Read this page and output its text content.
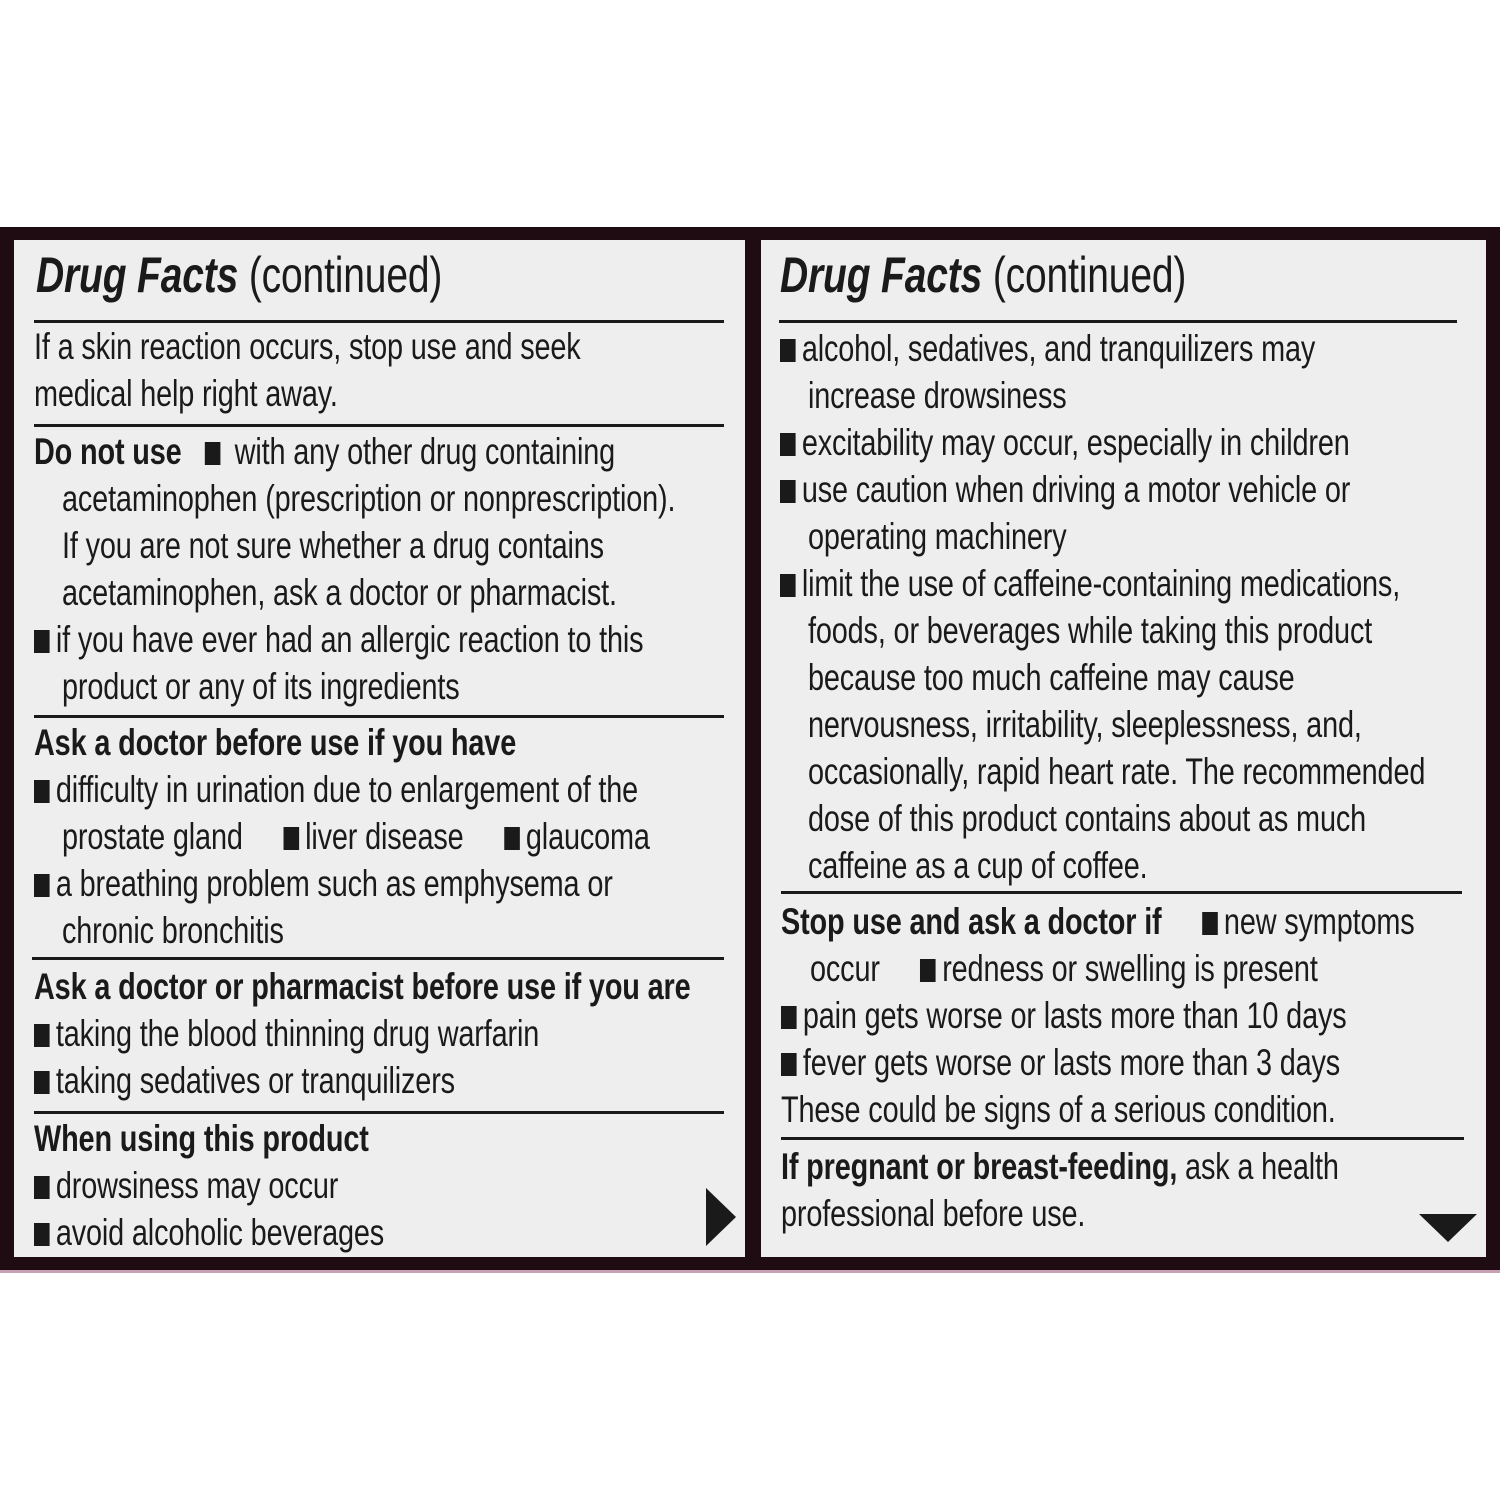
Drug Facts (continued)
If a skin reaction occurs, stop use and seek
medical help right away.
Do not use with any other drug containing
acetaminophen (prescription or nonprescription).
If you are not sure whether a drug contains
acetaminophen, ask a doctor or pharmacist.
if you have ever had an allergic reaction to this
product or any of its ingredients
Ask a doctor before use if you have
difficulty in urination due to enlargement of the
prostate gland liver disease glaucoma
a breathing problem such as emphysema or
chronic bronchitis
Ask a doctor or pharmacist before use if you are
taking the blood thinning drug warfarin
taking sedatives or tranquilizers
When using this product
drowsiness may occur
avoid alcoholic beverages
Drug Facts (continued)
alcohol, sedatives, and tranquilizers may
increase drowsiness
excitability may occur, especially in children
use caution when driving a motor vehicle or
operating machinery
limit the use of caffeine-containing medications,
foods, or beverages while taking this product
because too much caffeine may cause
nervousness, irritability, sleeplessness, and,
occasionally, rapid heart rate. The recommended
dose of this product contains about as much
caffeine as a cup of coffee.
Stop use and ask a doctor if new symptoms
occur redness or swelling is present
pain gets worse or lasts more than 10 days
fever gets worse or lasts more than 3 days
These could be signs of a serious condition.
If pregnant or breast-feeding, ask a health
professional before use.
